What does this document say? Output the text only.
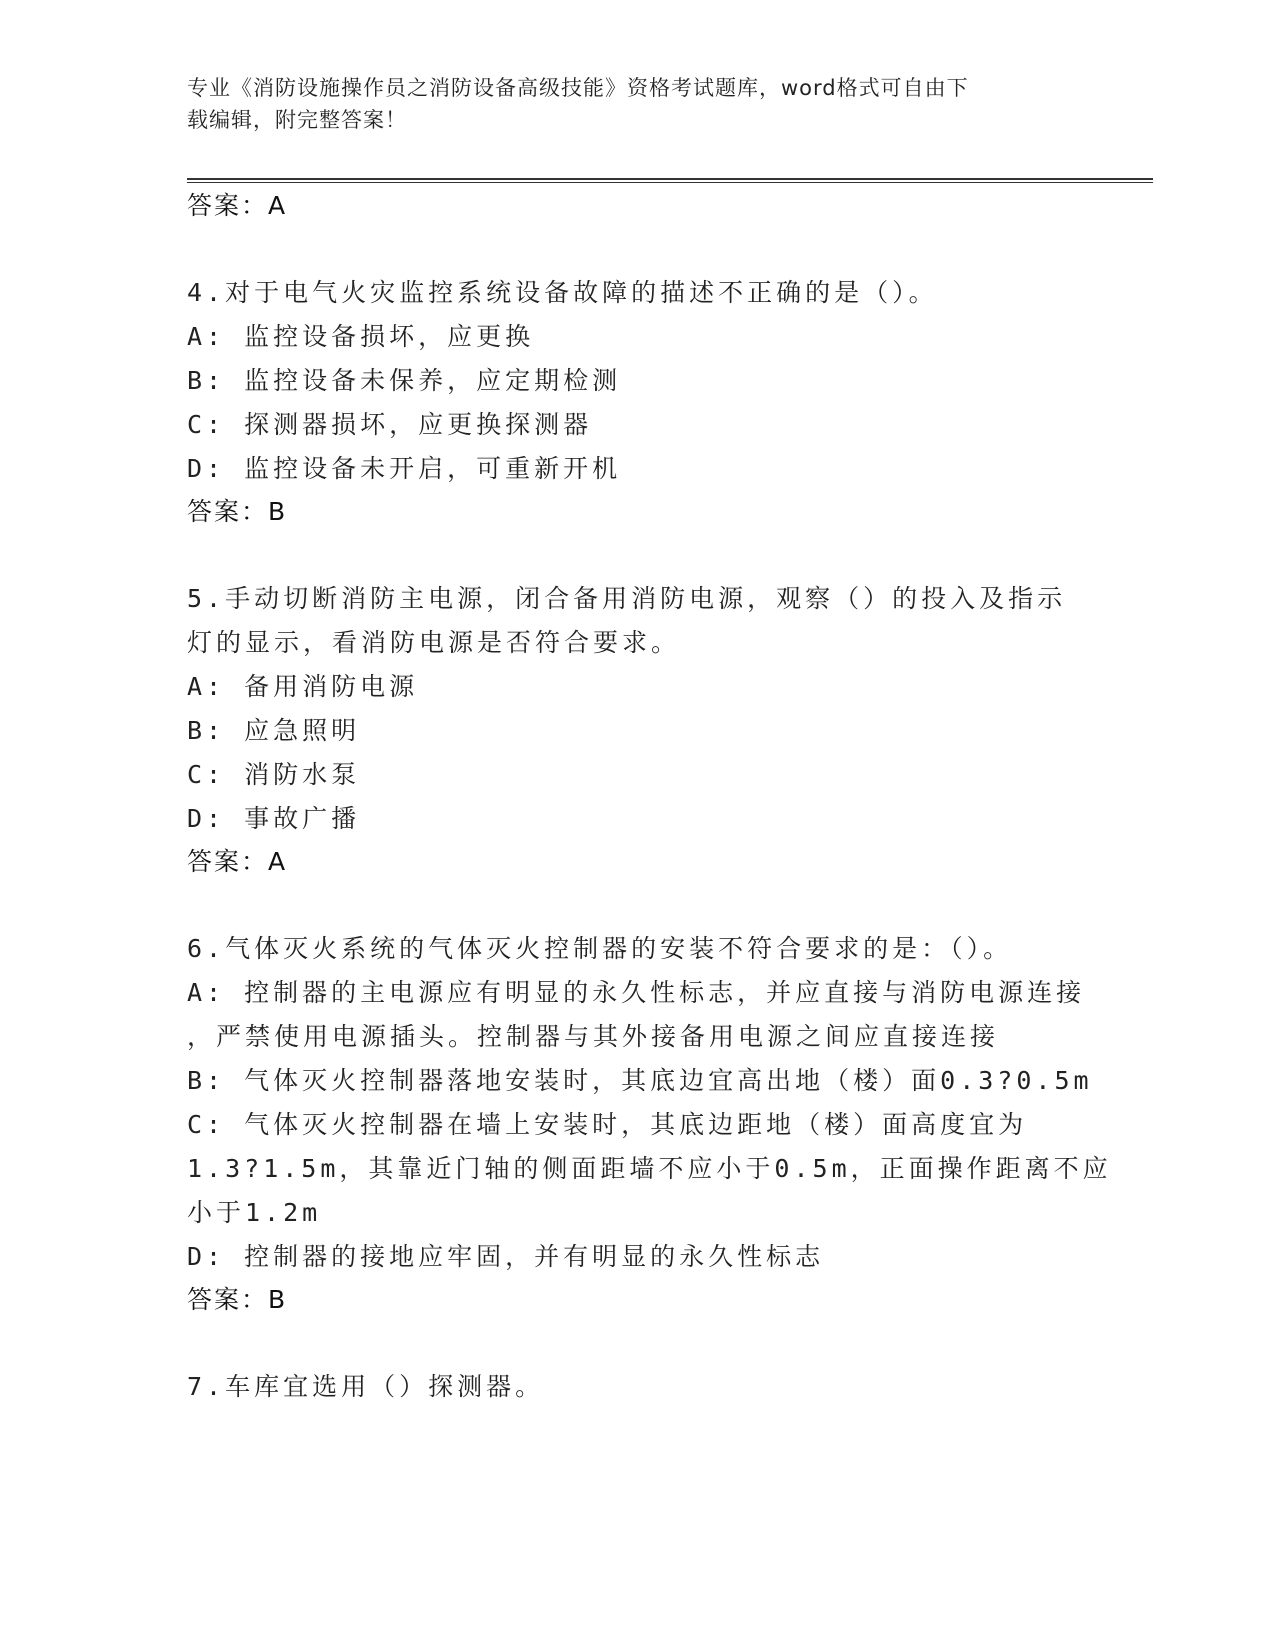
专业《消防设施操作员之消防设备高级技能》资格考试题库，word格式可自由下
载编辑，附完整答案！
答案：A
4.对于电气火灾监控系统设备故障的描述不正确的是（）。
A: 监控设备损坏，应更换
B: 监控设备未保养，应定期检测
C: 探测器损坏，应更换探测器
D: 监控设备未开启，可重新开机
答案：B
5.手动切断消防主电源，闭合备用消防电源，观察（）的投入及指示
灯的显示，看消防电源是否符合要求。
A: 备用消防电源
B: 应急照明
C: 消防水泵
D: 事故广播
答案：A
6.气体灭火系统的气体灭火控制器的安装不符合要求的是：（）。
A: 控制器的主电源应有明显的永久性标志，并应直接与消防电源连接
，严禁使用电源插头。控制器与其外接备用电源之间应直接连接
B: 气体灭火控制器落地安装时，其底边宜高出地（楼）面0.3?0.5m
C: 气体灭火控制器在墙上安装时，其底边距地（楼）面高度宜为
1.3?1.5m，其靠近门轴的侧面距墙不应小于0.5m，正面操作距离不应
小于1.2m
D: 控制器的接地应牢固，并有明显的永久性标志
答案：B
7.车库宜选用（）探测器。
